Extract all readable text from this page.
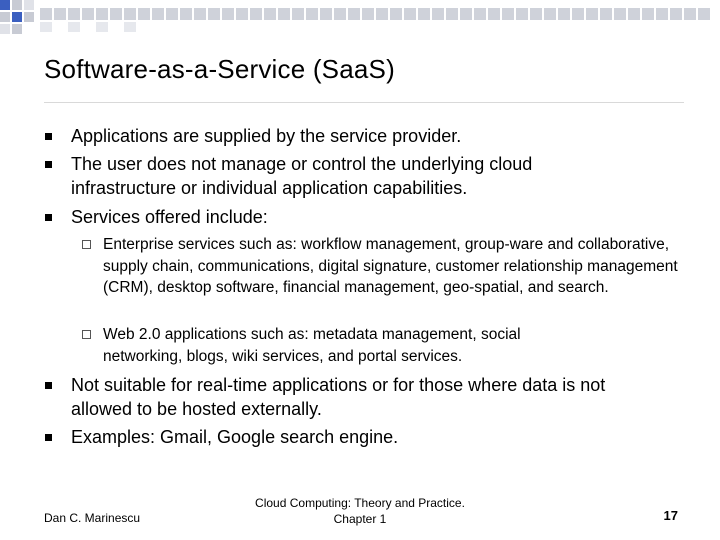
Software-as-a-Service (SaaS)
Applications are supplied by the service provider.
The user does not manage or control the underlying cloud infrastructure or individual application capabilities.
Services offered include:
Enterprise services such as: workflow management, group-ware and collaborative, supply chain, communications, digital signature, customer relationship management (CRM), desktop software, financial management, geo-spatial, and search.
Web 2.0 applications such as: metadata management, social networking, blogs, wiki services, and portal services.
Not suitable for real-time applications or for those where data is not allowed to be hosted externally.
Examples: Gmail, Google search engine.
Dan C. Marinescu
Cloud Computing: Theory and Practice.
Chapter 1	17
